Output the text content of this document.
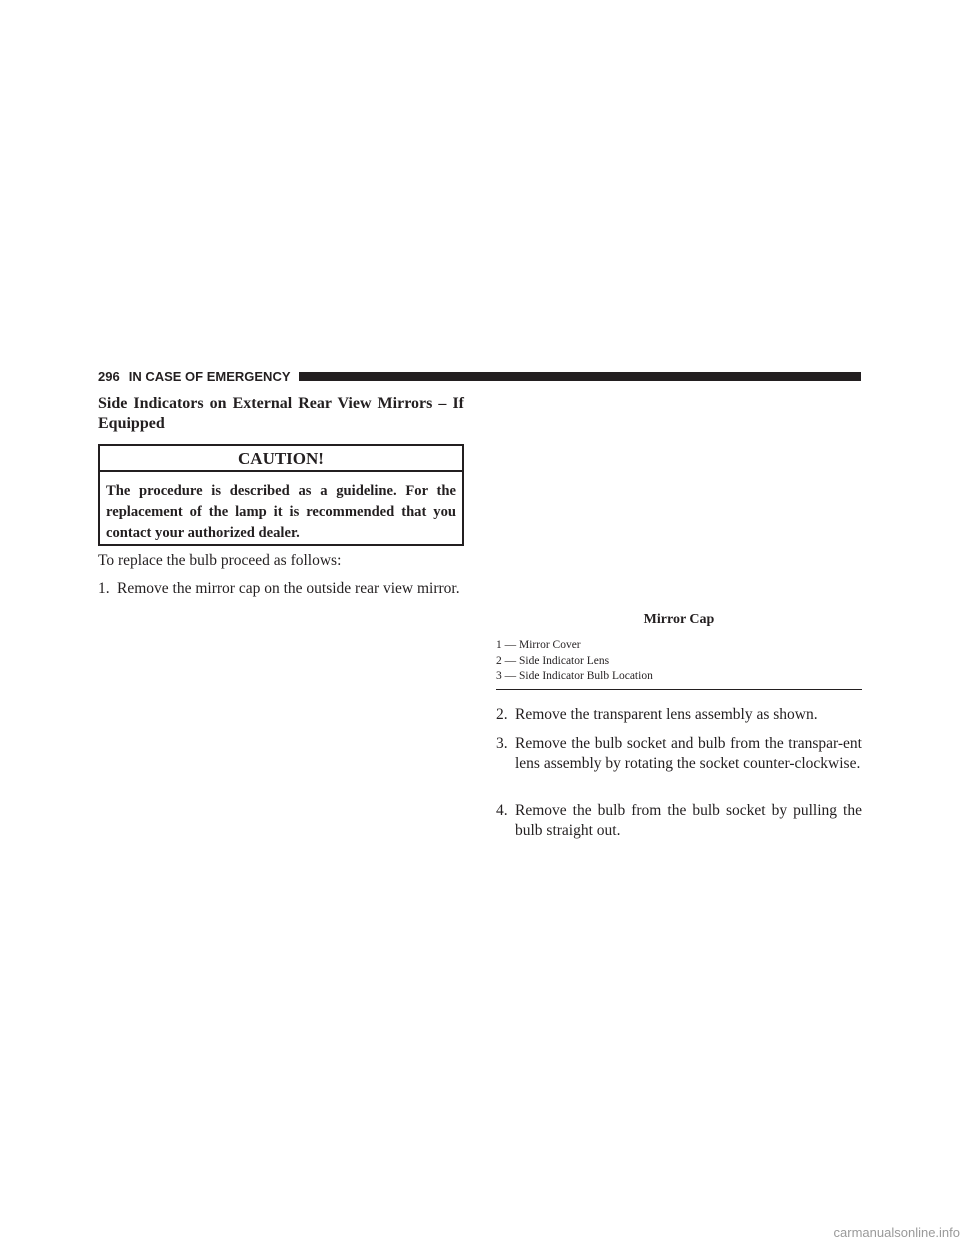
296 IN CASE OF EMERGENCY
Side Indicators on External Rear View Mirrors – If Equipped
CAUTION!
The procedure is described as a guideline. For the replacement of the lamp it is recommended that you contact your authorized dealer.
To replace the bulb proceed as follows:
1. Remove the mirror cap on the outside rear view mirror.
Mirror Cap
1 — Mirror Cover
2 — Side Indicator Lens
3 — Side Indicator Bulb Location
2. Remove the transparent lens assembly as shown.
3. Remove the bulb socket and bulb from the transpar-ent lens assembly by rotating the socket counter-clockwise.
4. Remove the bulb from the bulb socket by pulling the bulb straight out.
carmanualsonline.info
